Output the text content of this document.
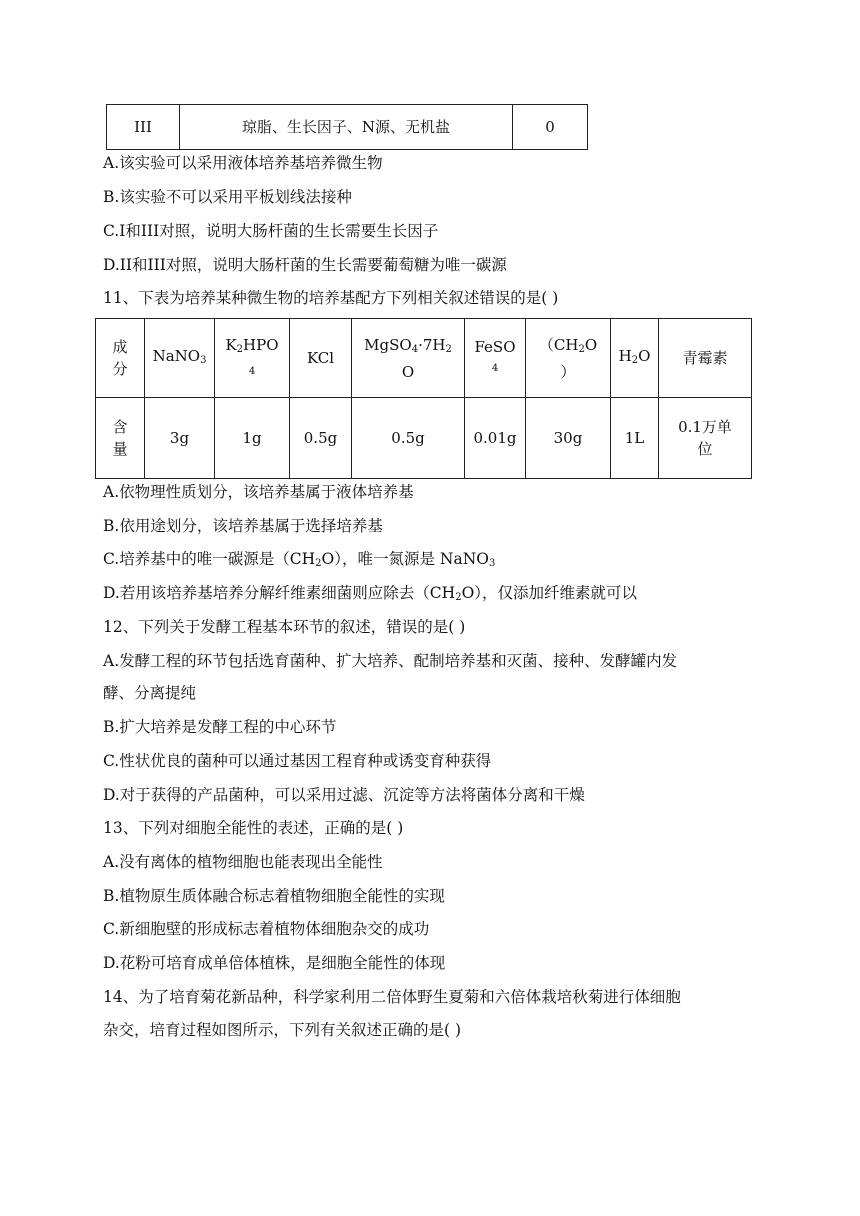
III	琼脂、生长因子、N源、无机盐	0
A.该实验可以采用液体培养基培养微生物
B.该实验不可以采用平板划线法接种
C.I和III对照，说明大肠杆菌的生长需要生长因子
D.II和III对照，说明大肠杆菌的生长需要葡萄糖为唯一碳源
11、下表为培养某种微生物的培养基配方下列相关叙述错误的是( )
成
分	NaNO$_3$	$K_2HPO$
4	KCl	$MgSO_4\cdot 7H_2$
O	FeSO
4	（$CH_2O$
）	$H_2O$	青霉素

含
量	3g	1g	0.5g	0.5g	0.01g	30g	1L	0.1万单
位
A.依物理性质划分，该培养基属于液体培养基
B.依用途划分，该培养基属于选择培养基
C.培养基中的唯一碳源是$(CH_2O)$，唯一氮源是 NaNO$_3$
D.若用该培养基培养分解纤维素细菌则应除去$(CH_2O)$，仅添加纤维素就可以
12、下列关于发酵工程基本环节的叙述，错误的是( )
A.发酵工程的环节包括选育菌种、扩大培养、配制培养基和灭菌、接种、发酵罐内发
酵、分离提纯
B.扩大培养是发酵工程的中心环节
C.性状优良的菌种可以通过基因工程育种或诱变育种获得
D.对于获得的产品菌种，可以采用过滤、沉淀等方法将菌体分离和干燥
13、下列对细胞全能性的表述，正确的是( )
A.没有离体的植物细胞也能表现出全能性
B.植物原生质体融合标志着植物细胞全能性的实现
C.新细胞壁的形成标志着植物体细胞杂交的成功
D.花粉可培育成单倍体植株，是细胞全能性的体现
14、为了培育菊花新品种，科学家利用二倍体野生夏菊和六倍体栽培秋菊进行体细胞
杂交，培育过程如图所示，下列有关叙述正确的是( )
